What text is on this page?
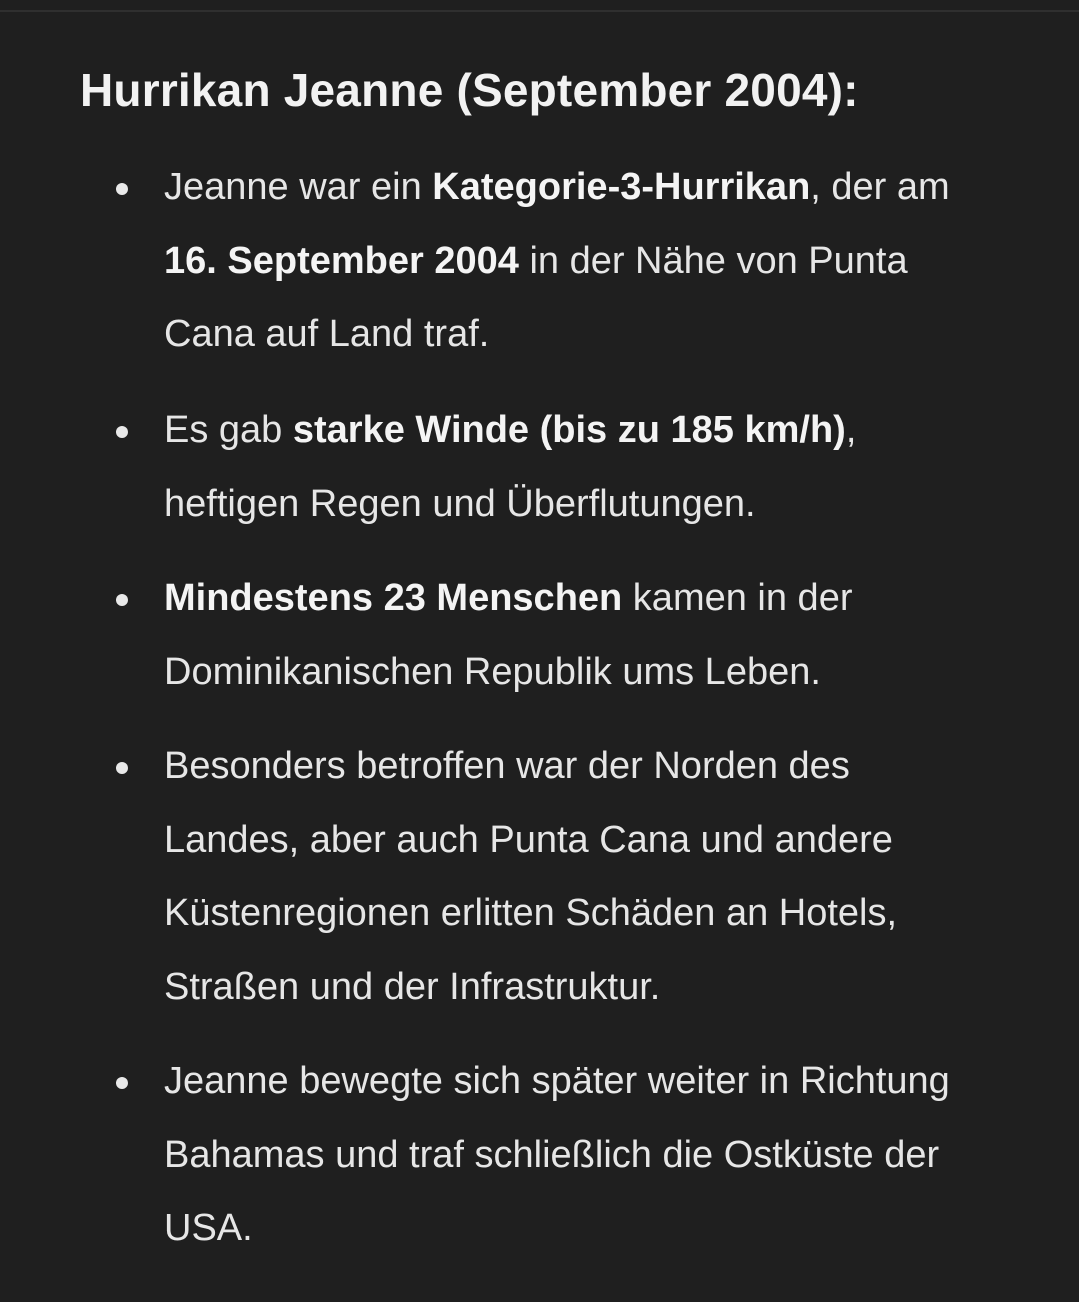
Hurrikan Jeanne (September 2004):

Jeanne war ein Kategorie-3-Hurrikan, der am 16. September 2004 in der Nähe von Punta Cana auf Land traf.

Es gab starke Winde (bis zu 185 km/h), heftigen Regen und Überflutungen.

Mindestens 23 Menschen kamen in der Dominikanischen Republik ums Leben.

Besonders betroffen war der Norden des Landes, aber auch Punta Cana und andere Küstenregionen erlitten Schäden an Hotels, Straßen und der Infrastruktur.

Jeanne bewegte sich später weiter in Richtung Bahamas und traf schließlich die Ostküste der USA.
